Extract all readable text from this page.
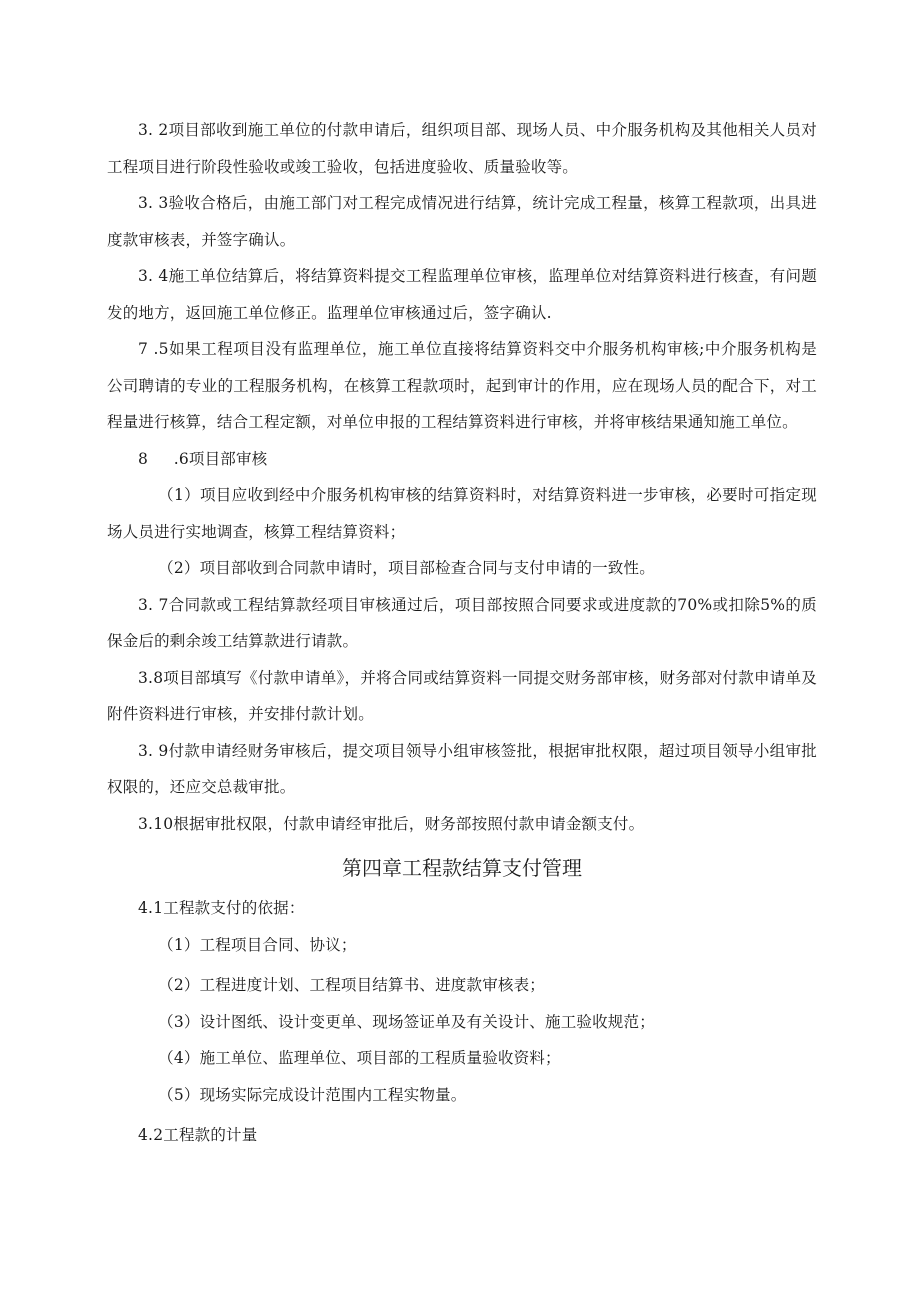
3. 2项目部收到施工单位的付款申请后，组织项目部、现场人员、中介服务机构及其他相关人员对工程项目进行阶段性验收或竣工验收，包括进度验收、质量验收等。

3. 3验收合格后，由施工部门对工程完成情况进行结算，统计完成工程量，核算工程款项，出具进度款审核表，并签字确认。

3. 4施工单位结算后，将结算资料提交工程监理单位审核，监理单位对结算资料进行核查，有问题发的地方，返回施工单位修正。监理单位审核通过后，签字确认.

7 .5如果工程项目没有监理单位，施工单位直接将结算资料交中介服务机构审核;中介服务机构是公司聘请的专业的工程服务机构，在核算工程款项时，起到审计的作用，应在现场人员的配合下，对工程量进行核算，结合工程定额，对单位申报的工程结算资料进行审核，并将审核结果通知施工单位。

8     .6项目部审核

（1）项目应收到经中介服务机构审核的结算资料时，对结算资料进一步审核，必要时可指定现场人员进行实地调查，核算工程结算资料；

（2）项目部收到合同款申请时，项目部检查合同与支付申请的一致性。

3. 7合同款或工程结算款经项目审核通过后，项目部按照合同要求或进度款的70%或扣除5%的质保金后的剩余竣工结算款进行请款。

3.8项目部填写《付款申请单》，并将合同或结算资料一同提交财务部审核，财务部对付款申请单及附件资料进行审核，并安排付款计划。

3. 9付款申请经财务审核后，提交项目领导小组审核签批，根据审批权限，超过项目领导小组审批权限的，还应交总裁审批。

3.10根据审批权限，付款申请经审批后，财务部按照付款申请金额支付。

第四章工程款结算支付管理

4.1工程款支付的依据：

（1）工程项目合同、协议；

（2）工程进度计划、工程项目结算书、进度款审核表；

（3）设计图纸、设计变更单、现场签证单及有关设计、施工验收规范；

（4）施工单位、监理单位、项目部的工程质量验收资料；

（5）现场实际完成设计范围内工程实物量。

4.2工程款的计量
